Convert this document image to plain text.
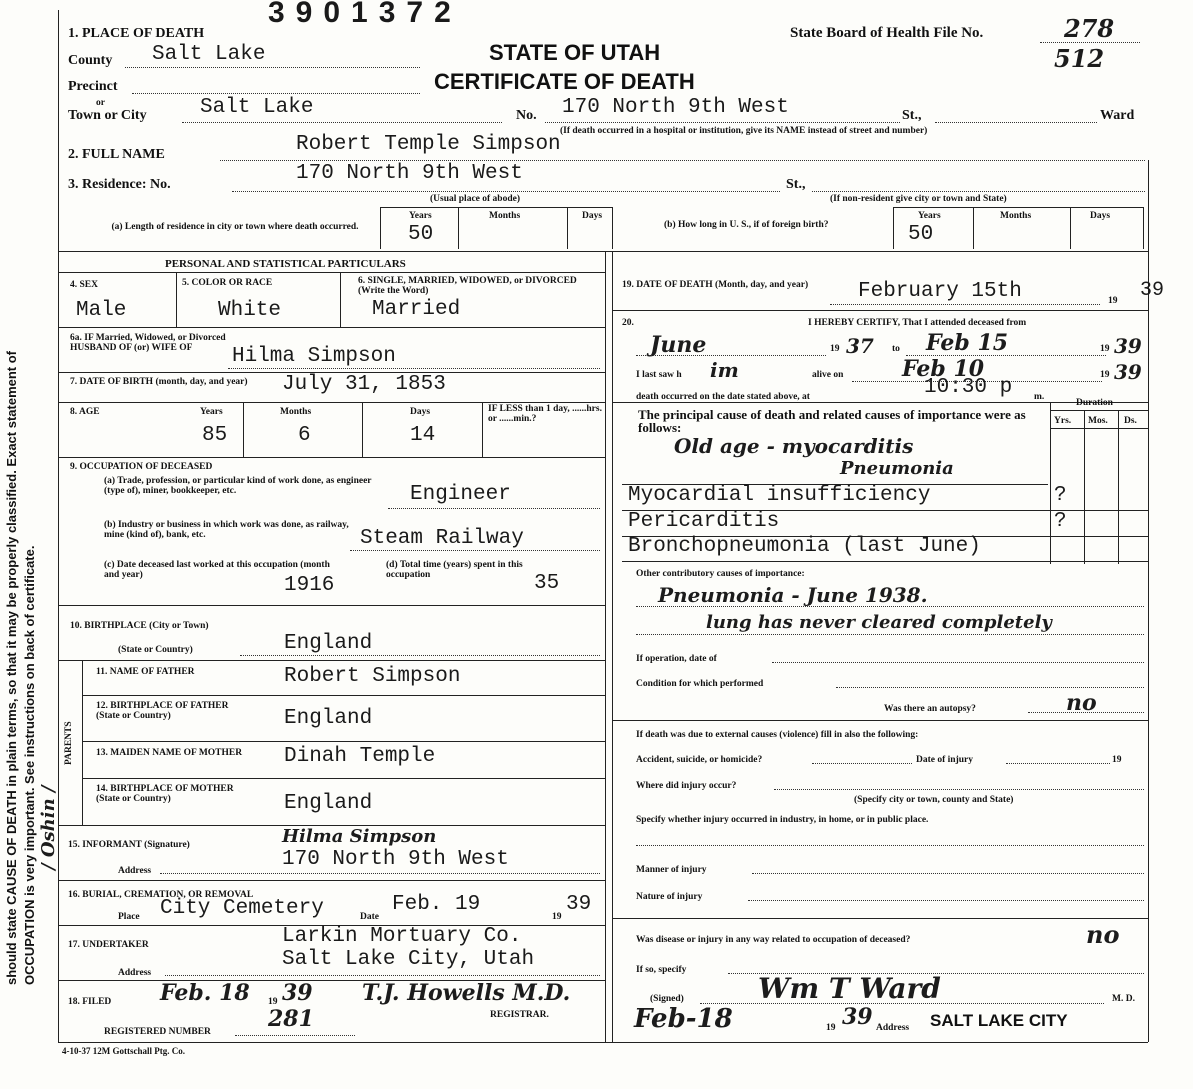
should state CAUSE OF DEATH in plain terms, so that it may be properly classified. Exact statement of OCCUPATION is very important. See instructions on back of certificate. / Oshin /
3901372
STATE OF UTAH
CERTIFICATE OF DEATH
State Board of Health File No.	278
512
1. PLACE OF DEATH
County Salt Lake
Precinct
or
Town or City	Salt Lake	No. 170 North 9th West	St.,	Ward
(If death occurred in a hospital or institution, give its NAME instead of street and number)
2. FULL NAME	Robert Temple Simpson
3. Residence: No.	170 North 9th West	St.,
(Usual place of abode)	(If non-resident give city or town and State)
(a) Length of residence in city or town where death occurred.
Years	Months	Days
50	(b) How long in U. S., if of foreign birth?
Years	Months	Days
50
PERSONAL AND STATISTICAL PARTICULARS
4. SEX
Male
5. COLOR OR RACE
White
6. SINGLE, MARRIED, WIDOWED, or DIVORCED (Write the Word)
Married
6a. IF Married, Widowed, or Divorced HUSBAND OF (or) WIFE OF	Hilma Simpson
7. DATE OF BIRTH (month, day, and year) July 31, 1853
8. AGE	Years	Months	Days
85	6	14
IF LESS than 1 day, ......hrs. or ......min.?
9. OCCUPATION OF DECEASED
(a) Trade, profession, or particular kind of work done, as engineer (type of), miner, bookkeeper, etc.	Engineer
(b) Industry or business in which work was done, as railway, mine (kind of), bank, etc.	Steam Railway
(c) Date deceased last worked at this occupation (month and year)	1916
(d) Total time (years) spent in this occupation	35
10. BIRTHPLACE (City or Town)
(State or Country)	England
PARENTS
11. NAME OF FATHER	Robert Simpson
12. BIRTHPLACE OF FATHER (State or Country)	England
13. MAIDEN NAME OF MOTHER Dinah Temple
14. BIRTHPLACE OF MOTHER (State or Country)	England
15. INFORMANT (Signature)	Hilma Simpson
Address	170 North 9th West
16. BURIAL, CREMATION, OR REMOVAL
Place City Cemetery	Date
Feb. 19
19
39
17. UNDERTAKER	Larkin Mortuary Co.
Address
Salt Lake City, Utah
18. FILED Feb. 18 19 39 T.J. Howells M.D.
REGISTRAR.
REGISTERED NUMBER	281
19. DATE OF DEATH (Month, day, and year)	February 15th	19 39
20.	I HEREBY CERTIFY, That I attended deceased from
June	19 37 to Feb 15	19 39
I last saw h im	alive on	Feb 10	19 39
death occurred on the date stated above, at	10:30 p m.
The principal cause of death and related causes of importance were as follows:
Duration
Yrs. Mos. Ds.
Old age - myocarditis
Pneumonia
Myocardial insufficiency	?
Pericarditis	?
Bronchopneumonia (last June)
Other contributory causes of importance:
Pneumonia - June 1938.
lung has never cleared completely
If operation, date of
Condition for which performed
Was there an autopsy?	no
If death was due to external causes (violence) fill in also the following:
Accident, suicide, or homicide?	Date of injury	19
Where did injury occur?
(Specify city or town, county and State)
Specify whether injury occurred in industry, in home, or in public place.
Manner of injury
Nature of injury
Was disease or injury in any way related to occupation of deceased?	no
If so, specify
(Signed)	Wm T Ward	M. D.
Feb-18	19 39 Address SALT LAKE CITY
4-10-37 12M Gottschall Ptg. Co.
